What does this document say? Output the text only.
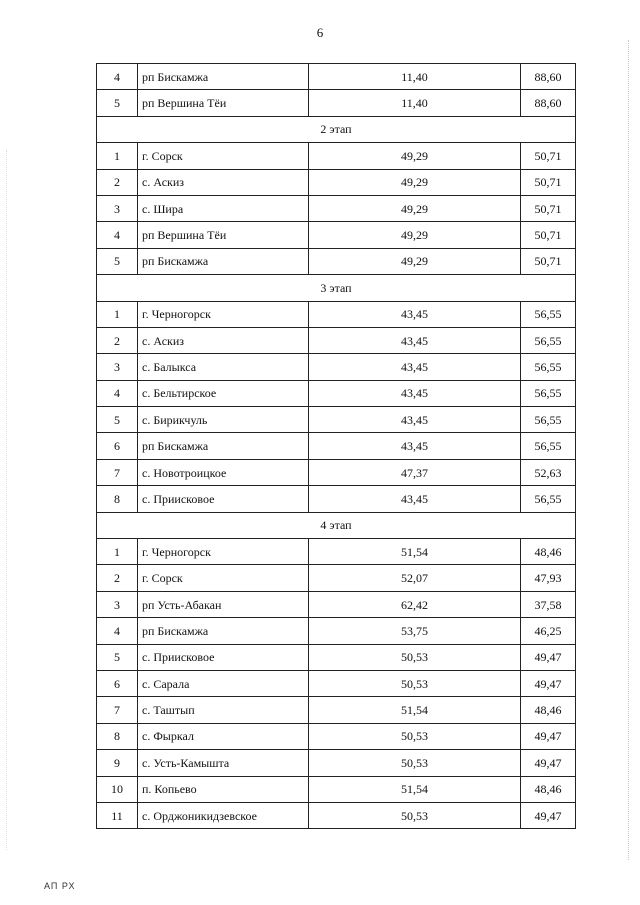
6
4	рп Бискамжа	11,40	88,60
5	рп Вершина Тёи	11,40	88,60
2 этап			
1	г. Сорск	49,29	50,71
2	с. Аскиз	49,29	50,71
3	с. Шира	49,29	50,71
4	рп Вершина Тёи	49,29	50,71
5	рп Бискамжа	49,29	50,71
3 этап			
1	г. Черногорск	43,45	56,55
2	с. Аскиз	43,45	56,55
3	с. Балыкса	43,45	56,55
4	с. Бельтирское	43,45	56,55
5	с. Бирикчуль	43,45	56,55
6	рп Бискамжа	43,45	56,55
7	с. Новотроицкое	47,37	52,63
8	с. Приисковое	43,45	56,55
4 этап			
1	г. Черногорск	51,54	48,46
2	г. Сорск	52,07	47,93
3	рп Усть-Абакан	62,42	37,58
4	рп Бискамжа	53,75	46,25
5	с. Приисковое	50,53	49,47
6	с. Сарала	50,53	49,47
7	с. Таштып	51,54	48,46
8	с. Фыркал	50,53	49,47
9	с. Усть-Камышта	50,53	49,47
10	п. Копьево	51,54	48,46
11	с. Орджоникидзевское	50,53	49,47
АП РХ
